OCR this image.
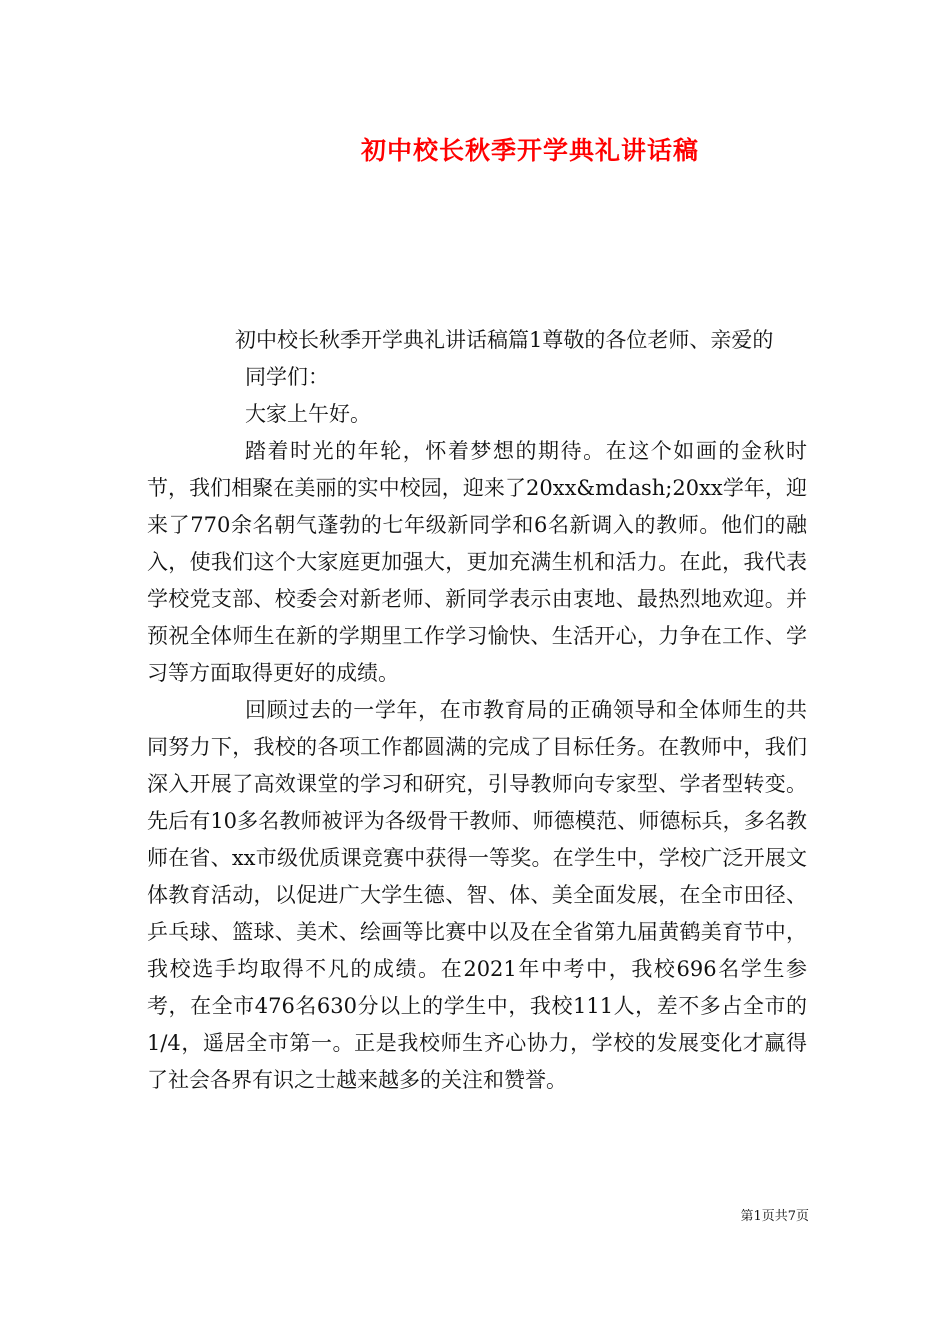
初中校长秋季开学典礼讲话稿

初中校长秋季开学典礼讲话稿篇1尊敬的各位老师、亲爱的

同学们：

大家上午好。

踏着时光的年轮，怀着梦想的期待。在这个如画的金秋时节，我们相聚在美丽的实中校园，迎来了20xx&mdash;20xx学年，迎来了770余名朝气蓬勃的七年级新同学和6名新调入的教师。他们的融入，使我们这个大家庭更加强大，更加充满生机和活力。在此，我代表学校党支部、校委会对新老师、新同学表示由衷地、最热烈地欢迎。并预祝全体师生在新的学期里工作学习愉快、生活开心，力争在工作、学习等方面取得更好的成绩。

回顾过去的一学年，在市教育局的正确领导和全体师生的共同努力下，我校的各项工作都圆满的完成了目标任务。在教师中，我们深入开展了高效课堂的学习和研究，引导教师向专家型、学者型转变。先后有10多名教师被评为各级骨干教师、师德模范、师德标兵，多名教师在省、xx市级优质课竞赛中获得一等奖。在学生中，学校广泛开展文体教育活动，以促进广大学生德、智、体、美全面发展，在全市田径、乒乓球、篮球、美术、绘画等比赛中以及在全省第九届黄鹤美育节中，我校选手均取得不凡的成绩。在2021年中考中，我校696名学生参考，在全市476名630分以上的学生中，我校111人，差不多占全市的1/4，遥居全市第一。正是我校师生齐心协力，学校的发展变化才赢得了社会各界有识之士越来越多的关注和赞誉。

第1页共7页
